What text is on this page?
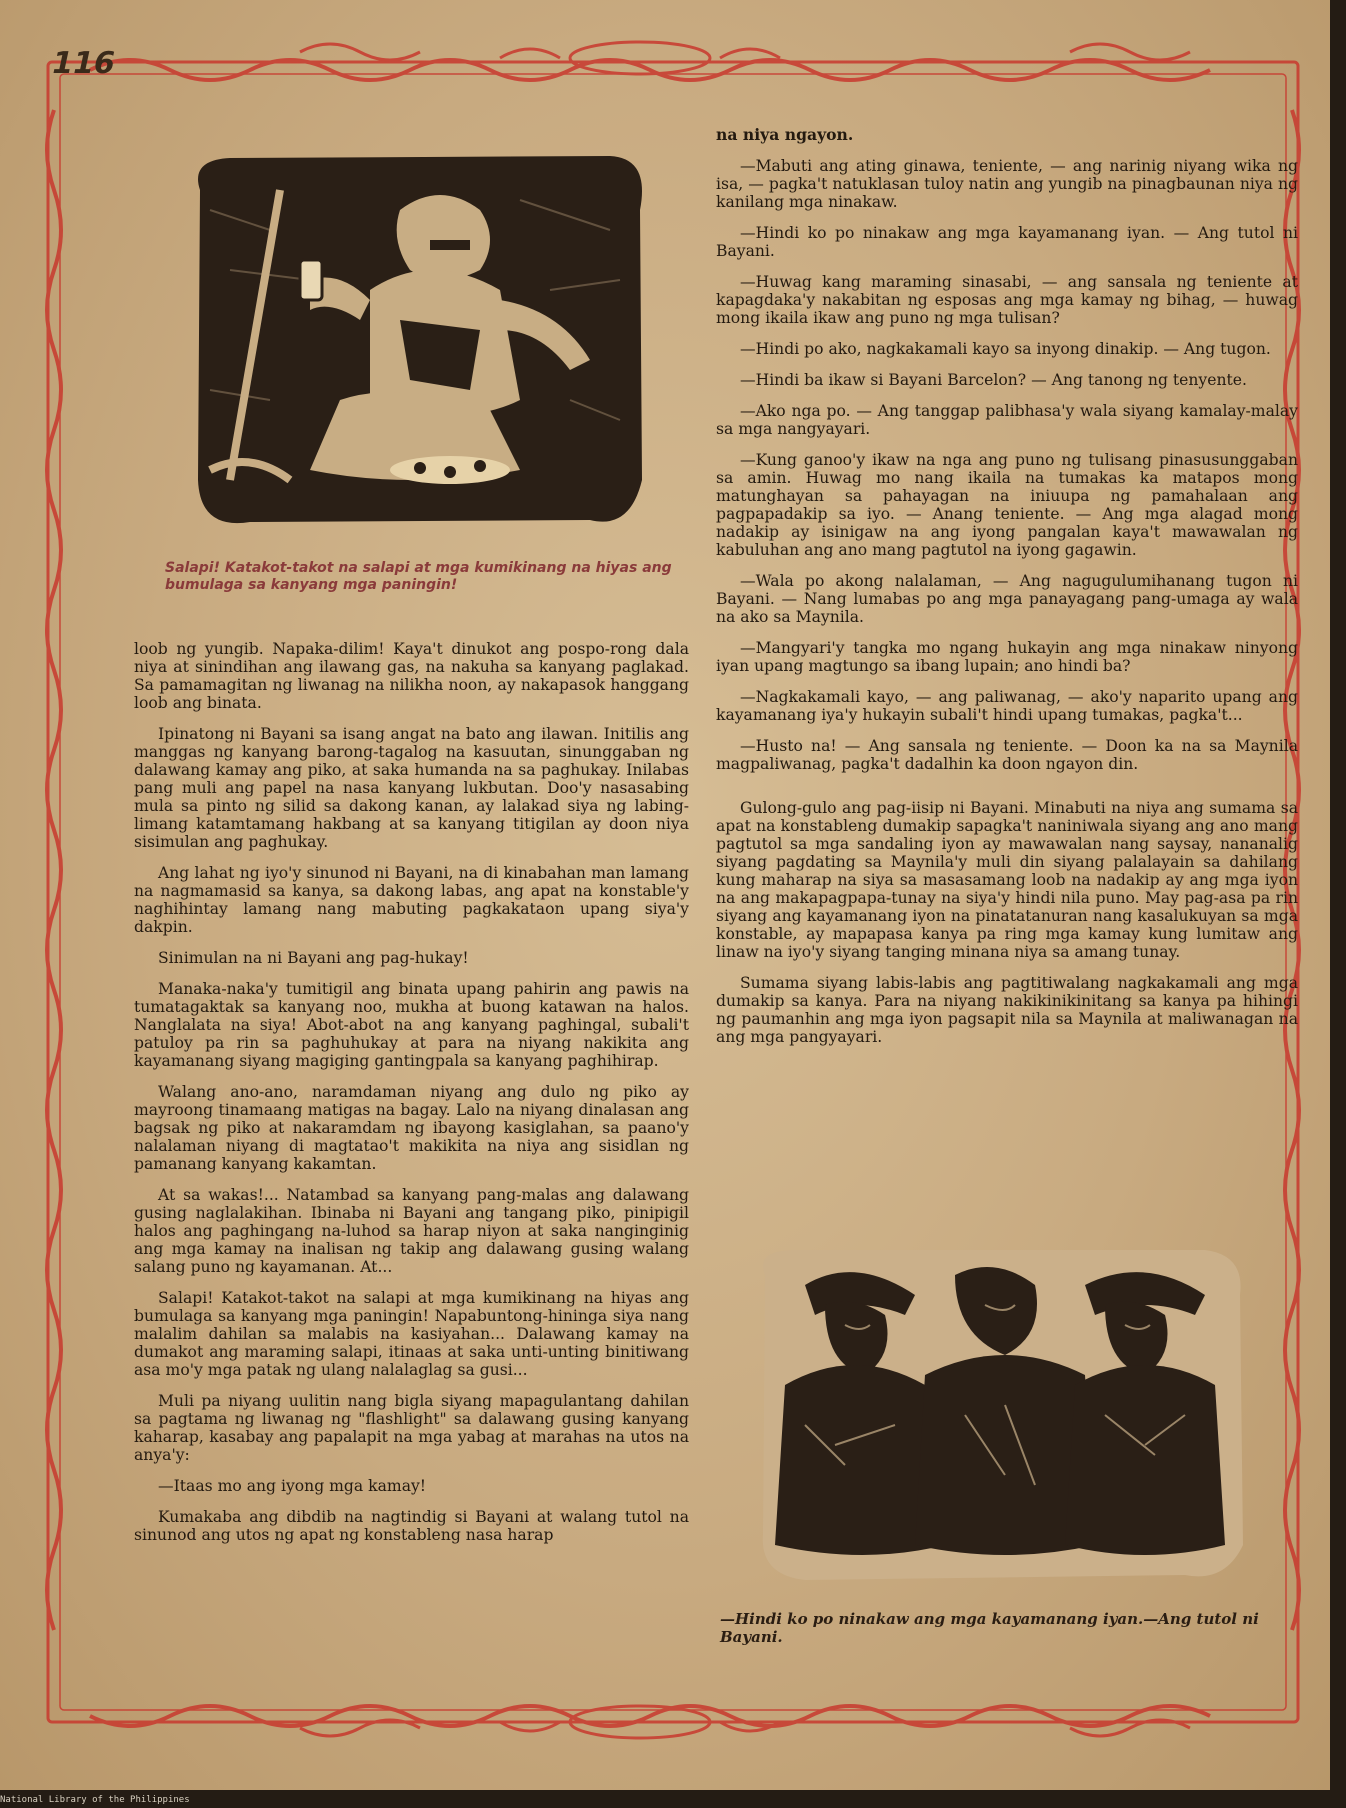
116
Salapi! Katakot-takot na salapi at mga kumikinang na hiyas ang bumulaga sa kanyang mga paningin!

loob ng yungib. Napaka-dilim! Kaya't dinukot ang pospo-rong dala niya at sinindihan ang ilawang gas, na nakuha sa kanyang paglakad. Sa pamamagitan ng liwanag na nilikha noon, ay nakapasok hanggang loob ang binata.

Ipinatong ni Bayani sa isang angat na bato ang ilawan. Initilis ang manggas ng kanyang barong-tagalog na kasuutan, sinunggaban ng dalawang kamay ang piko, at saka humanda na sa paghukay. Inilabas pang muli ang papel na nasa kanyang lukbutan. Doo'y nasasabing mula sa pinto ng silid sa dakong kanan, ay lalakad siya ng labing-limang katamtamang hakbang at sa kanyang titigilan ay doon niya sisimulan ang paghukay.

Ang lahat ng iyo'y sinunod ni Bayani, na di kinabahan man lamang na nagmamasid sa kanya, sa dakong labas, ang apat na konstable'y naghihintay lamang nang mabuting pagkakataon upang siya'y dakpin.

Sinimulan na ni Bayani ang pag-hukay!

Manaka-naka'y tumitigil ang binata upang pahirin ang pawis na tumatagaktak sa kanyang noo, mukha at buong katawan na halos. Nanglalata na siya! Abot-abot na ang kanyang paghingal, subali't patuloy pa rin sa paghuhukay at para na niyang nakikita ang kayamanang siyang magiging gantingpala sa kanyang paghihirap.

Walang ano-ano, naramdaman niyang ang dulo ng piko ay mayroong tinamaang matigas na bagay. Lalo na niyang dinalasan ang bagsak ng piko at nakaramdam ng ibayong kasiglahan, sa paano'y nalalaman niyang di magtatao't makikita na niya ang sisidlan ng pamanang kanyang kakamtan.

At sa wakas!... Natambad sa kanyang pang-malas ang dalawang gusing naglalakihan. Ibinaba ni Bayani ang tangang piko, pinipigil halos ang paghingang na-luhod sa harap niyon at saka nanginginig ang mga kamay na inalisan ng takip ang dalawang gusing walang salang puno ng kayamanan. At...

Salapi! Katakot-takot na salapi at mga kumikinang na hiyas ang bumulaga sa kanyang mga paningin! Napabuntong-hininga siya nang malalim dahilan sa malabis na kasiyahan... Dalawang kamay na dumakot ang maraming salapi, itinaas at saka unti-unting binitiwang asa mo'y mga patak ng ulang nalalaglag sa gusi...

Muli pa niyang uulitin nang bigla siyang mapagulantang dahilan sa pagtama ng liwanag ng "flashlight" sa dalawang gusing kanyang kaharap, kasabay ang papalapit na mga yabag at marahas na utos na anya'y:

—Itaas mo ang iyong mga kamay!

Kumakaba ang dibdib na nagtindig si Bayani at walang tutol na sinunod ang utos ng apat ng konstableng nasa harap

na niya ngayon.

—Mabuti ang ating ginawa, teniente, — ang narinig niyang wika ng isa, — pagka't natuklasan tuloy natin ang yungib na pinagbaunan niya ng kanilang mga ninakaw.

—Hindi ko po ninakaw ang mga kayamanang iyan. — Ang tutol ni Bayani.

—Huwag kang maraming sinasabi, — ang sansala ng teniente at kapagdaka'y nakabitan ng esposas ang mga kamay ng bihag, — huwag mong ikaila ikaw ang puno ng mga tulisan?

—Hindi po ako, nagkakamali kayo sa inyong dinakip. — Ang tugon.

—Hindi ba ikaw si Bayani Barcelon? — Ang tanong ng tenyente.

—Ako nga po. — Ang tanggap palibhasa'y wala siyang kamalay-malay sa mga nangyayari.

—Kung ganoo'y ikaw na nga ang puno ng tulisang pinasusunggaban sa amin. Huwag mo nang ikaila na tumakas ka matapos mong matunghayan sa pahayagan na iniuupa ng pamahalaan ang pagpapadakip sa iyo. — Anang teniente. — Ang mga alagad mong nadakip ay isinigaw na ang iyong pangalan kaya't mawawalan ng kabuluhan ang ano mang pagtutol na iyong gagawin.

—Wala po akong nalalaman, — Ang nagugulumihanang tugon ni Bayani. — Nang lumabas po ang mga panayagang pang-umaga ay wala na ako sa Maynila.

—Mangyari'y tangka mo ngang hukayin ang mga ninakaw ninyong iyan upang magtungo sa ibang lupain; ano hindi ba?

—Nagkakamali kayo, — ang paliwanag, — ako'y naparito upang ang kayamanang iya'y hukayin subali't hindi upang tumakas, pagka't...

—Husto na! — Ang sansala ng teniente. — Doon ka na sa Maynila magpaliwanag, pagka't dadalhin ka doon ngayon din.

Gulong-gulo ang pag-iisip ni Bayani. Minabuti na niya ang sumama sa apat na konstableng dumakip sapagka't naniniwala siyang ang ano mang pagtutol sa mga sandaling iyon ay mawawalan nang saysay, nananalig siyang pagdating sa Maynila'y muli din siyang palalayain sa dahilang kung maharap na siya sa masasamang loob na nadakip ay ang mga iyon na ang makapagpapa-tunay na siya'y hindi nila puno. May pag-asa pa rin siyang ang kayamanang iyon na pinatatanuran nang kasalukuyan sa mga konstable, ay mapapasa kanya pa ring mga kamay kung lumitaw ang linaw na iyo'y siyang tanging minana niya sa amang tunay.

Sumama siyang labis-labis ang pagtitiwalang nagkakamali ang mga dumakip sa kanya. Para na niyang nakikinikinitang sa kanya pa hihingi ng paumanhin ang mga iyon pagsapit nila sa Maynila at maliwanagan na ang mga pangyayari.

—Hindi ko po ninakaw ang mga kayamanang iyan.—Ang tutol ni Bayani.
National Library of the Philippines
